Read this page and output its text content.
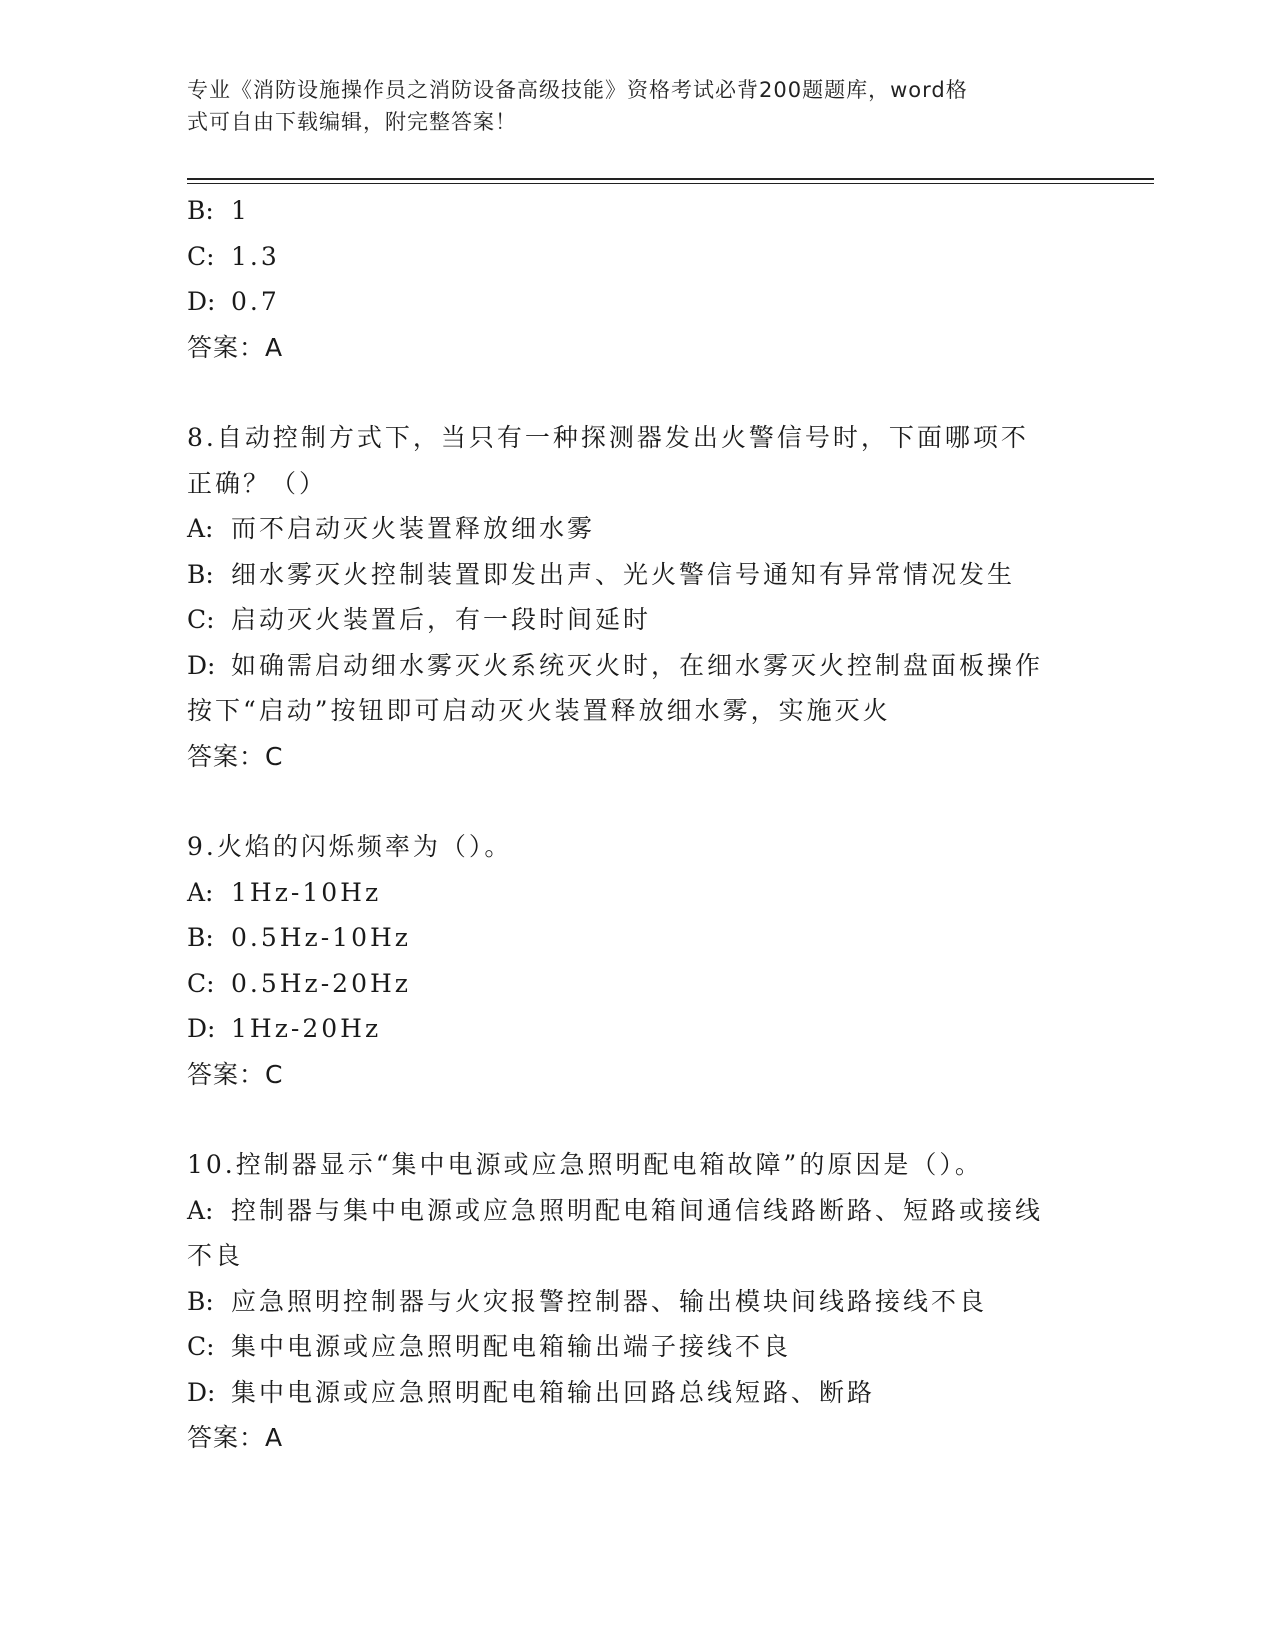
专业《消防设施操作员之消防设备高级技能》资格考试必背200题题库，word格
式可自由下载编辑，附完整答案！
B: 1
C: 1.3
D: 0.7
答案：A
8.自动控制方式下，当只有一种探测器发出火警信号时，下面哪项不
正确？（）
A: 而不启动灭火装置释放细水雾
B: 细水雾灭火控制装置即发出声、光火警信号通知有异常情况发生
C: 启动灭火装置后，有一段时间延时
D: 如确需启动细水雾灭火系统灭火时，在细水雾灭火控制盘面板操作
按下“启动”按钮即可启动灭火装置释放细水雾，实施灭火
答案：C
9.火焰的闪烁频率为（）。
A: 1Hz-10Hz
B: 0.5Hz-10Hz
C: 0.5Hz-20Hz
D: 1Hz-20Hz
答案：C
10.控制器显示“集中电源或应急照明配电箱故障”的原因是（）。
A: 控制器与集中电源或应急照明配电箱间通信线路断路、短路或接线
不良
B: 应急照明控制器与火灾报警控制器、输出模块间线路接线不良
C: 集中电源或应急照明配电箱输出端子接线不良
D: 集中电源或应急照明配电箱输出回路总线短路、断路
答案：A
